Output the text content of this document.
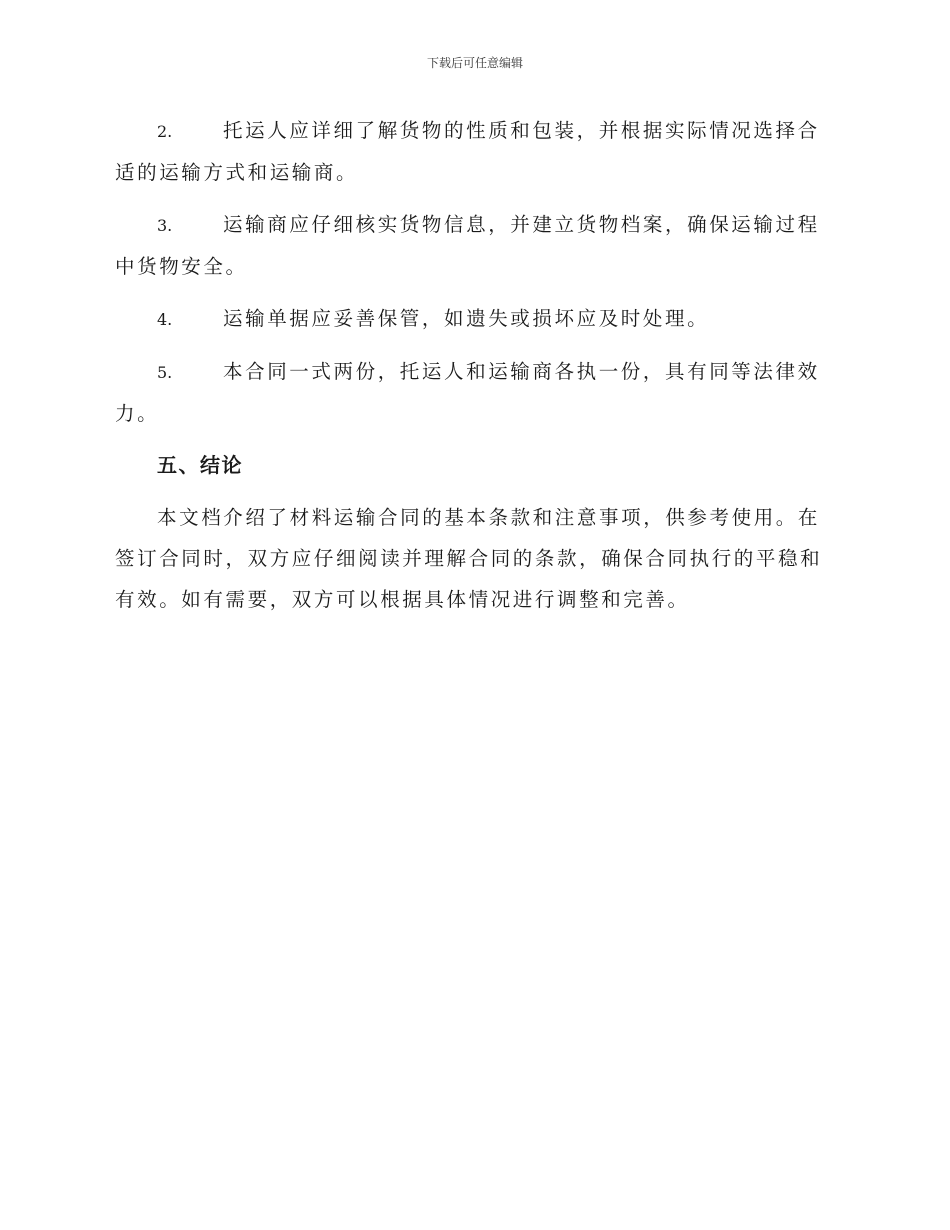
下载后可任意编辑

2.	托运人应详细了解货物的性质和包装，并根据实际情况选择合适的运输方式和运输商。

3.	运输商应仔细核实货物信息，并建立货物档案，确保运输过程中货物安全。

4.	运输单据应妥善保管，如遗失或损坏应及时处理。

5.	本合同一式两份，托运人和运输商各执一份，具有同等法律效力。

五、结论

本文档介绍了材料运输合同的基本条款和注意事项，供参考使用。在签订合同时，双方应仔细阅读并理解合同的条款，确保合同执行的平稳和有效。如有需要，双方可以根据具体情况进行调整和完善。
